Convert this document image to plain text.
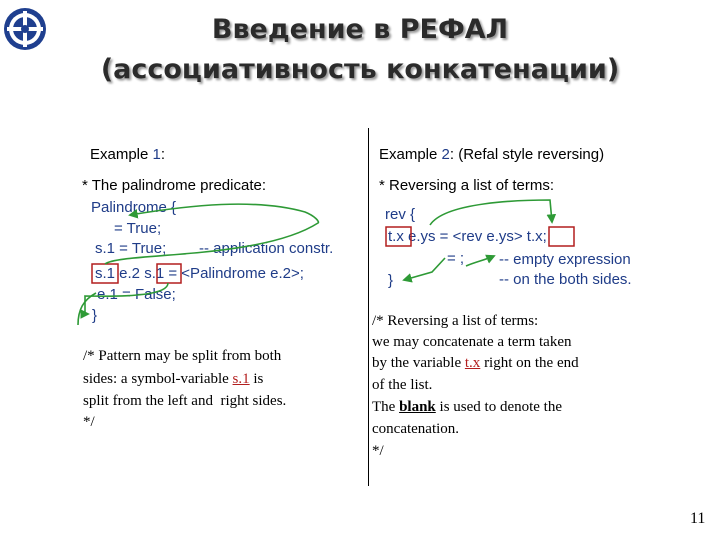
Введение в РЕФАЛ
(ассоциативность конкатенации)
Example 1:	Example 2: (Refal style reversing)
* The palindrome predicate:
Palindrome {
= True;
s.1 = True; -- application constr.
s.1 e.2 s.1 = <Palindrome e.2>;
e.1 = False;
}
/* Pattern may be split from both
sides: a symbol-variable s.1 is
split from the left and  right sides.
*/
* Reversing a list of terms:
rev {
t.x e.ys = <rev e.ys> t.x;
= ; -- empty expression
}	-- on the both sides.
/* Reversing a list of terms:
we may concatenate a term taken
by the variable t.x right on the end
of the list.
The blank is used to denote the
concatenation.
*/
11
